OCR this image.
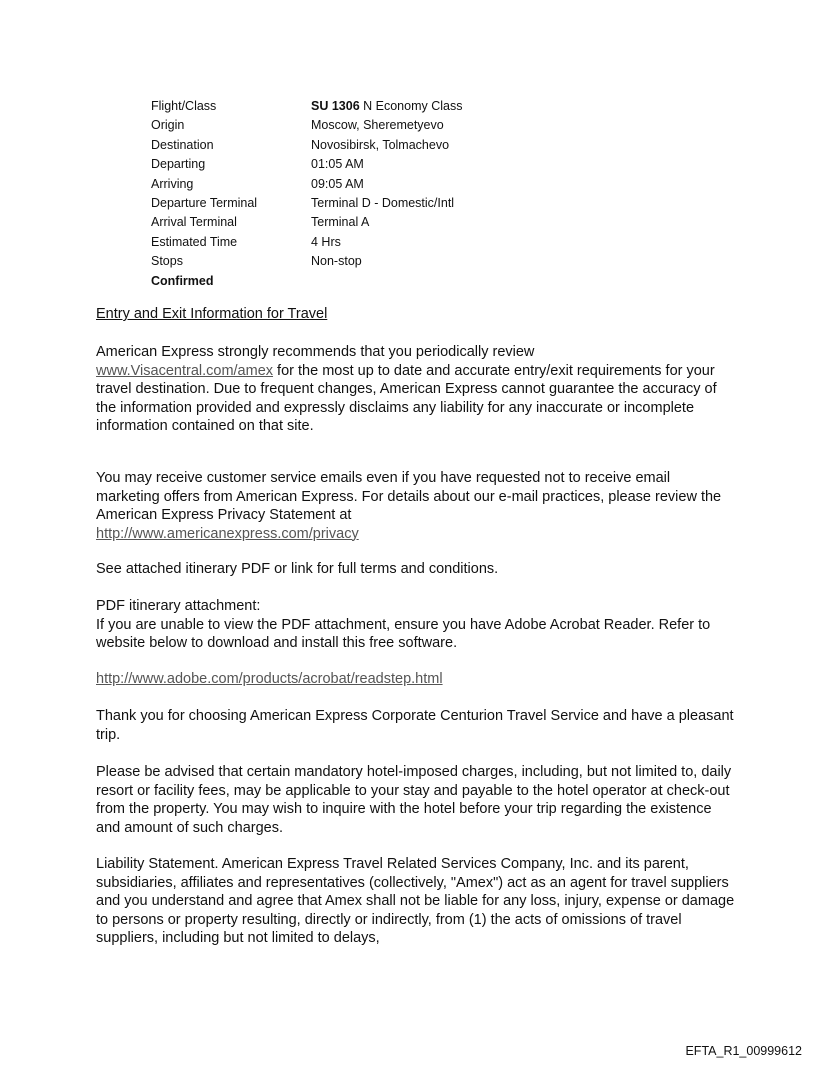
Flight/Class	SU 1306 N Economy Class
Origin	Moscow, Sheremetyevo
Destination	Novosibirsk, Tolmachevo
Departing	01:05 AM
Arriving	09:05 AM
Departure Terminal	Terminal D - Domestic/Intl
Arrival Terminal	Terminal A
Estimated Time	4 Hrs
Stops	Non-stop
Confirmed
Entry and Exit Information for Travel

American Express strongly recommends that you periodically review
www.Visacentral.com/amex for the most up to date and accurate entry/exit requirements for your travel destination. Due to frequent changes, American Express cannot guarantee the accuracy of the information provided and expressly disclaims any liability for any inaccurate or incomplete information contained on that site.

You may receive customer service emails even if you have requested not to receive email marketing offers from American Express. For details about our e-mail practices, please review the American Express Privacy Statement at
http://www.americanexpress.com/privacy

See attached itinerary PDF or link for full terms and conditions.

PDF itinerary attachment:
If you are unable to view the PDF attachment, ensure you have Adobe Acrobat Reader. Refer to website below to download and install this free software.

http://www.adobe.com/products/acrobat/readstep.html

Thank you for choosing American Express Corporate Centurion Travel Service and have a pleasant trip.

Please be advised that certain mandatory hotel-imposed charges, including, but not limited to, daily resort or facility fees, may be applicable to your stay and payable to the hotel operator at check-out from the property. You may wish to inquire with the hotel before your trip regarding the existence and amount of such charges.

Liability Statement. American Express Travel Related Services Company, Inc. and its parent, subsidiaries, affiliates and representatives (collectively, "Amex") act as an agent for travel suppliers and you understand and agree that Amex shall not be liable for any loss, injury, expense or damage to persons or property resulting, directly or indirectly, from (1) the acts of omissions of travel suppliers, including but not limited to delays,

EFTA_R1_00999612
